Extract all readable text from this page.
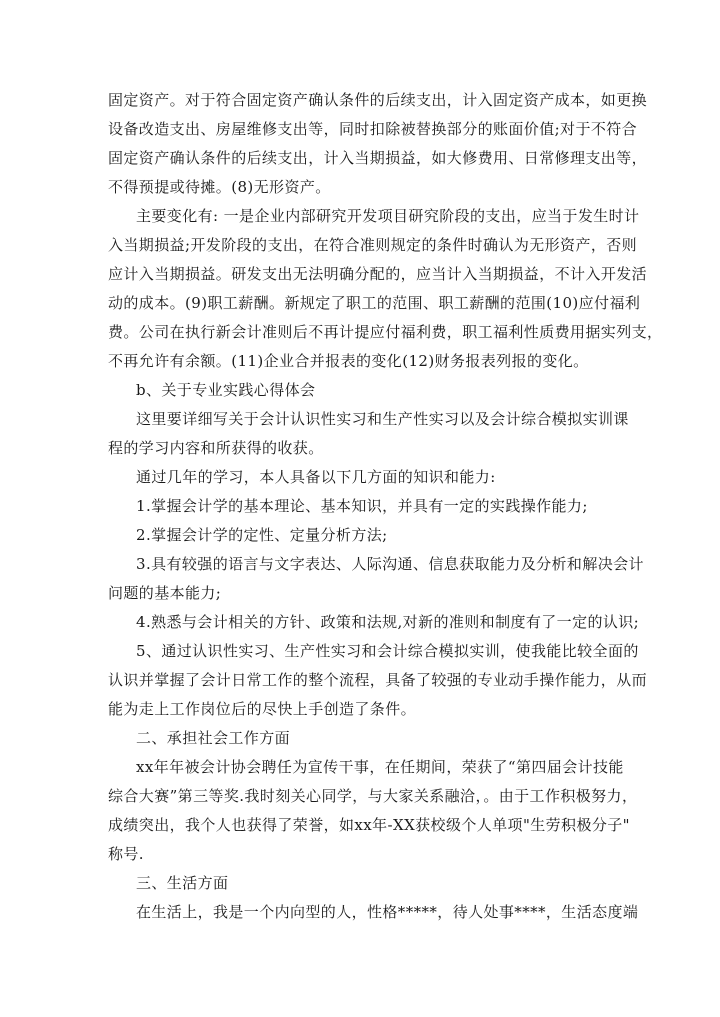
固定资产。对于符合固定资产确认条件的后续支出，计入固定资产成本，如更换
设备改造支出、房屋维修支出等，同时扣除被替换部分的账面价值;对于不符合
固定资产确认条件的后续支出，计入当期损益，如大修费用、日常修理支出等，
不得预提或待摊。(8)无形资产。
主要变化有: 一是企业内部研究开发项目研究阶段的支出，应当于发生时计
入当期损益;开发阶段的支出，在符合准则规定的条件时确认为无形资产，否则
应计入当期损益。研发支出无法明确分配的，应当计入当期损益，不计入开发活
动的成本。(9)职工薪酬。新规定了职工的范围、职工薪酬的范围(10)应付福利
费。公司在执行新会计准则后不再计提应付福利费，职工福利性质费用据实列支，
不再允许有余额。(11)企业合并报表的变化(12)财务报表列报的变化。
b、关于专业实践心得体会
这里要详细写关于会计认识性实习和生产性实习以及会计综合模拟实训课
程的学习内容和所获得的收获。
通过几年的学习，本人具备以下几方面的知识和能力:
1.掌握会计学的基本理论、基本知识，并具有一定的实践操作能力;
2.掌握会计学的定性、定量分析方法;
3.具有较强的语言与文字表达、人际沟通、信息获取能力及分析和解决会计
问题的基本能力;
4.熟悉与会计相关的方针、政策和法规,对新的准则和制度有了一定的认识;
5、通过认识性实习、生产性实习和会计综合模拟实训，使我能比较全面的
认识并掌握了会计日常工作的整个流程，具备了较强的专业动手操作能力，从而
能为走上工作岗位后的尽快上手创造了条件。
二、承担社会工作方面
xx年年被会计协会聘任为宣传干事，在任期间，荣获了“第四届会计技能
综合大赛”第三等奖.我时刻关心同学，与大家关系融洽，。由于工作积极努力，
成绩突出，我个人也获得了荣誉，如xx年-XX获校级个人单项"生劳积极分子"
称号.
三、生活方面
在生活上，我是一个内向型的人，性格*****，待人处事****，生活态度端
